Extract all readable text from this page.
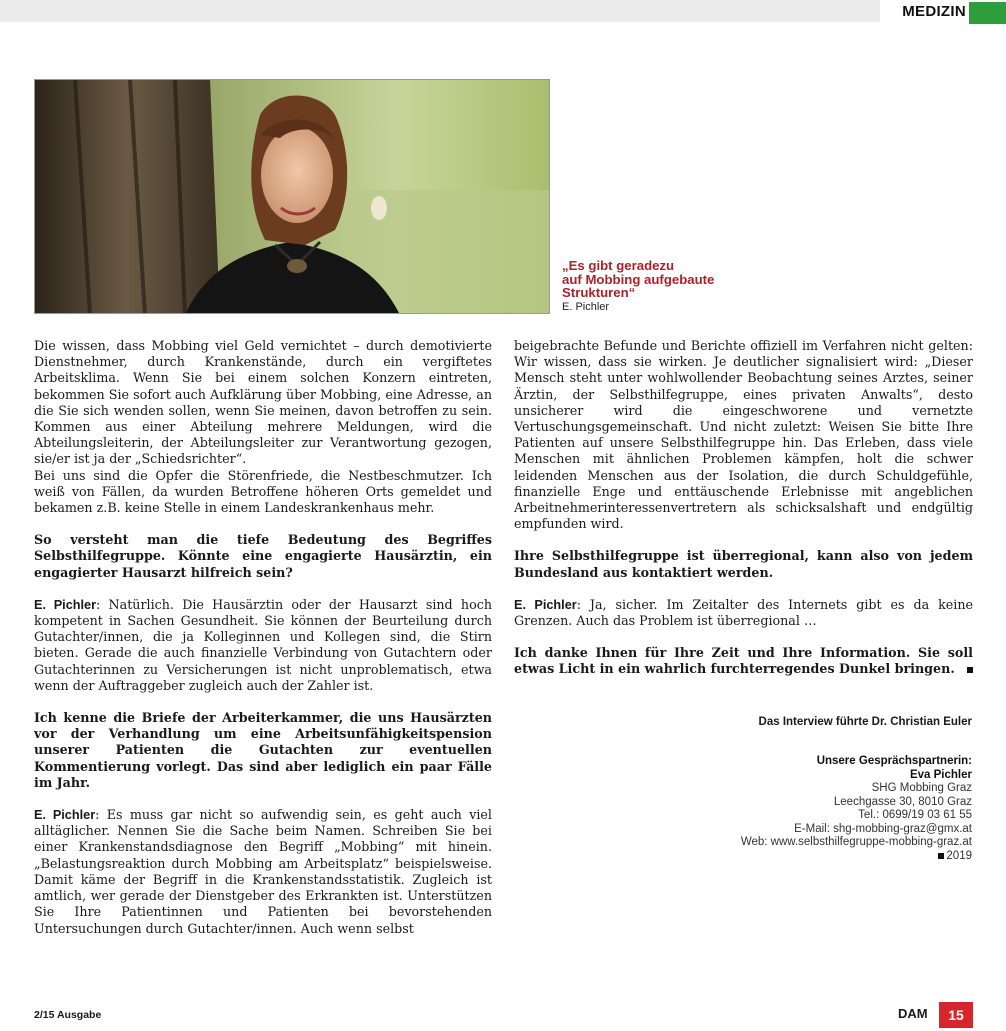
MEDIZIN
„Es gibt geradezu
auf Mobbing aufgebaute
Strukturen“
E. Pichler

Die wissen, dass Mobbing viel Geld vernichtet – durch demotivierte Dienstnehmer, durch Krankenstände, durch ein vergiftetes Arbeitsklima. Wenn Sie bei einem solchen Konzern eintreten, bekommen Sie sofort auch Aufklärung über Mobbing, eine Adresse, an die Sie sich wenden sollen, wenn Sie meinen, davon betroffen zu sein. Kommen aus einer Abteilung mehrere Meldungen, wird die Abteilungsleiterin, der Abteilungsleiter zur Verantwortung gezogen, sie/er ist ja der „Schiedsrichter“.

Bei uns sind die Opfer die Störenfriede, die Nestbeschmutzer. Ich weiß von Fällen, da wurden Betroffene höheren Orts gemeldet und bekamen z.B. keine Stelle in einem Landeskrankenhaus mehr.

So versteht man die tiefe Bedeutung des Begriffes Selbsthilfegruppe. Könnte eine engagierte Hausärztin, ein engagierter Hausarzt hilfreich sein?

E. Pichler: Natürlich. Die Hausärztin oder der Hausarzt sind hoch kompetent in Sachen Gesundheit. Sie können der Beurteilung durch Gutachter/innen, die ja Kolleginnen und Kollegen sind, die Stirn bieten. Gerade die auch finanzielle Verbindung von Gutachtern oder Gutachterinnen zu Versicherungen ist nicht unproblematisch, etwa wenn der Auftraggeber zugleich auch der Zahler ist.

Ich kenne die Briefe der Arbeiterkammer, die uns Hausärzten vor der Verhandlung um eine Arbeitsunfähigkeitspension unserer Patienten die Gutachten zur eventuellen Kommentierung vorlegt. Das sind aber lediglich ein paar Fälle im Jahr.

E. Pichler: Es muss gar nicht so aufwendig sein, es geht auch viel alltäglicher. Nennen Sie die Sache beim Namen. Schreiben Sie bei einer Krankenstandsdiagnose den Begriff „Mobbing“ mit hinein. „Belastungsreaktion durch Mobbing am Arbeitsplatz“ beispielsweise. Damit käme der Begriff in die Krankenstandsstatistik. Zugleich ist amtlich, wer gerade der Dienstgeber des Erkrankten ist. Unterstützen Sie Ihre Patientinnen und Patienten bei bevorstehenden Untersuchungen durch Gutachter/innen. Auch wenn selbst

beigebrachte Befunde und Berichte offiziell im Verfahren nicht gelten: Wir wissen, dass sie wirken. Je deutlicher signalisiert wird: „Dieser Mensch steht unter wohlwollender Beobachtung seines Arztes, seiner Ärztin, der Selbsthilfegruppe, eines privaten Anwalts“, desto unsicherer wird die eingeschworene und vernetzte Vertuschungsgemeinschaft. Und nicht zuletzt: Weisen Sie bitte Ihre Patienten auf unsere Selbsthilfegruppe hin. Das Erleben, dass viele Menschen mit ähnlichen Problemen kämpfen, holt die schwer leidenden Menschen aus der Isolation, die durch Schuldgefühle, finanzielle Enge und enttäuschende Erlebnisse mit angeblichen Arbeitnehmerinteressenvertretern als schicksalshaft und endgültig empfunden wird.

Ihre Selbsthilfegruppe ist überregional, kann also von jedem Bundesland aus kontaktiert werden.

E. Pichler: Ja, sicher. Im Zeitalter des Internets gibt es da keine Grenzen. Auch das Problem ist überregional …

Ich danke Ihnen für Ihre Zeit und Ihre Information. Sie soll etwas Licht in ein wahrlich furchterregendes Dunkel bringen.

Das Interview führte Dr. Christian Euler
Unsere Gesprächspartnerin:
Eva Pichler
SHG Mobbing Graz
Leechgasse 30, 8010 Graz
Tel.: 0699/19 03 61 55
E-Mail: shg-mobbing-graz@gmx.at
Web: www.selbsthilfegruppe-mobbing-graz.at
2019
2/15 Ausgabe	DAM	15
